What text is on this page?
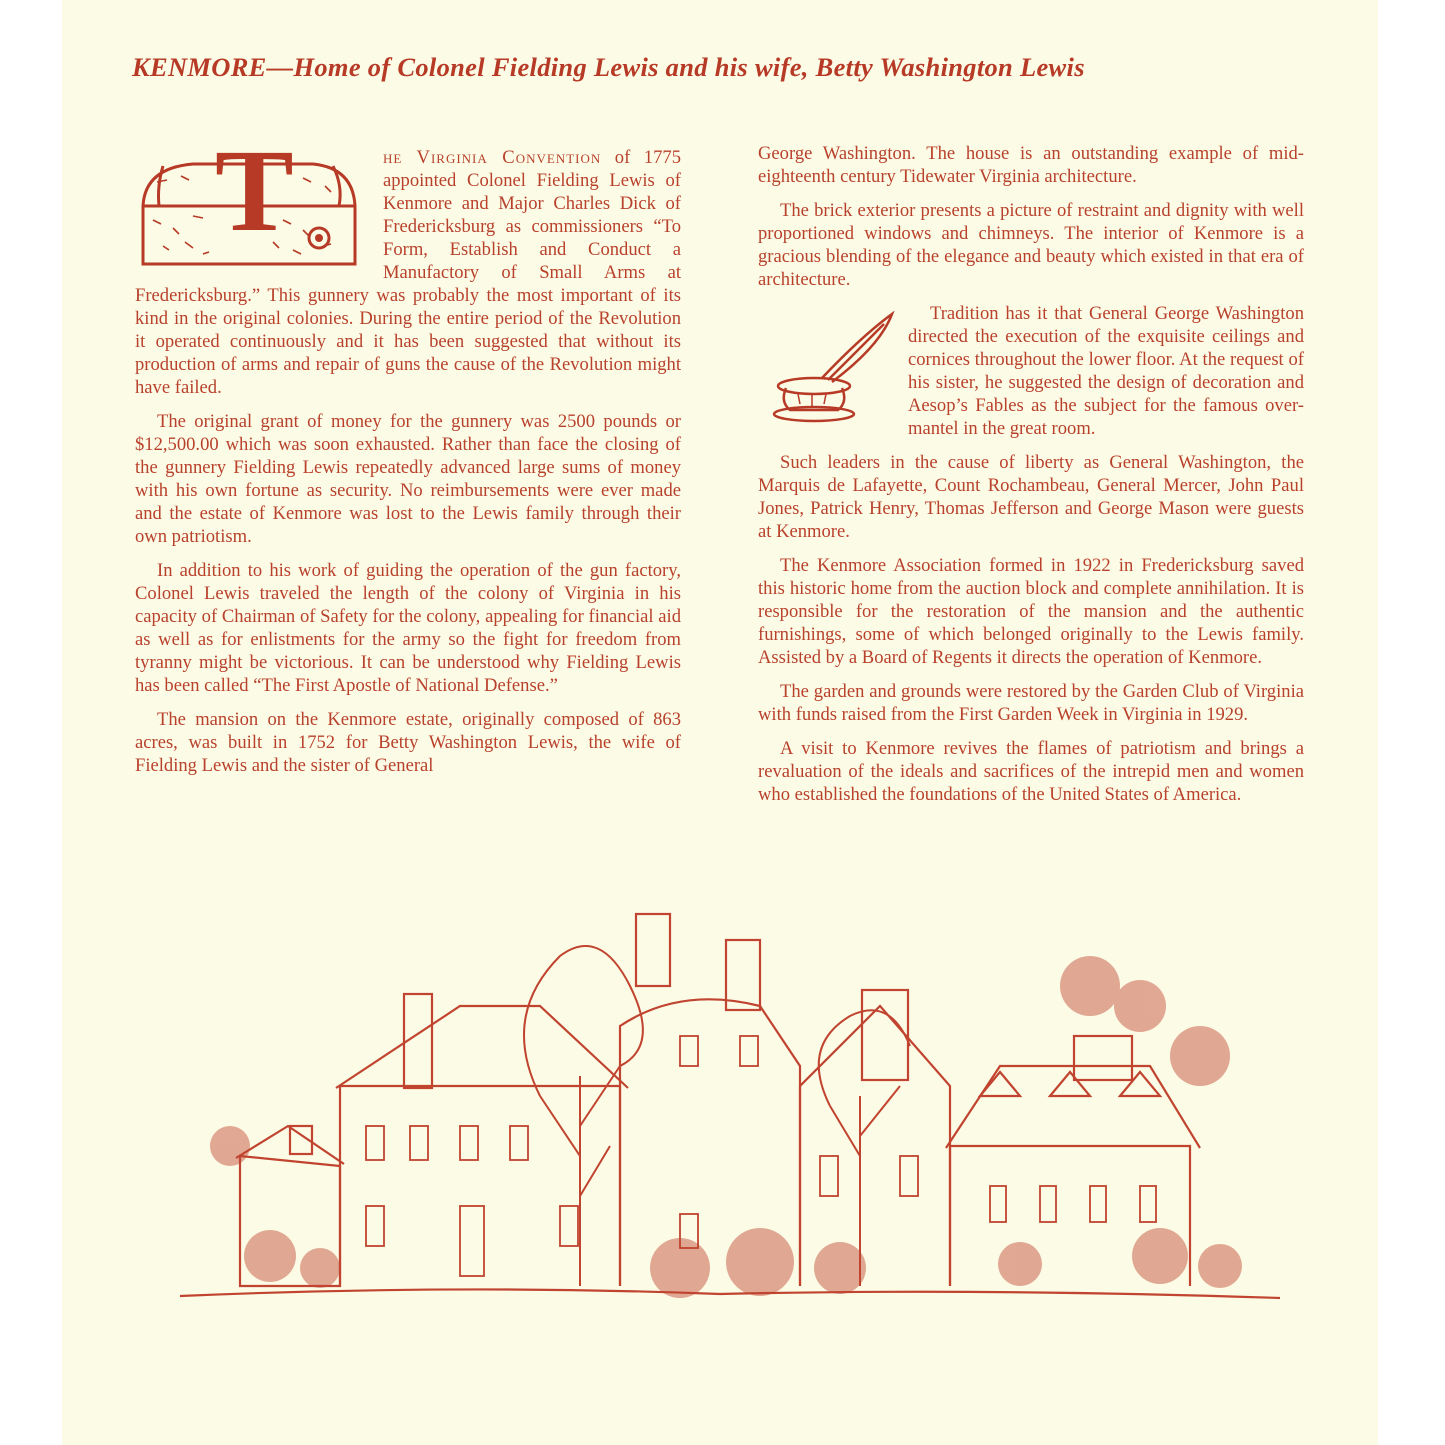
KENMORE—Home of Colonel Fielding Lewis and his wife, Betty Washington Lewis
T	he Virginia Convention of 1775 appointed Colonel Fielding Lewis of Kenmore and Major Charles Dick of Fredericksburg as commissioners “To Form, Establish and Conduct a Manufactory of Small Arms at Fredericksburg.” This gunnery was probably the most important of its kind in the original colonies. During the entire period of the Revolution it operated continuously and it has been suggested that without its production of arms and repair of guns the cause of the Revolution might have failed.

The original grant of money for the gunnery was 2500 pounds or $12,500.00 which was soon exhausted. Rather than face the closing of the gunnery Fielding Lewis repeatedly advanced large sums of money with his own fortune as security. No reimbursements were ever made and the estate of Kenmore was lost to the Lewis family through their own patriotism.

In addition to his work of guiding the operation of the gun factory, Colonel Lewis traveled the length of the colony of Virginia in his capacity of Chairman of Safety for the colony, appealing for financial aid as well as for enlistments for the army so the fight for freedom from tyranny might be victorious. It can be understood why Fielding Lewis has been called “The First Apostle of National Defense.”

The mansion on the Kenmore estate, originally composed of 863 acres, was built in 1752 for Betty Washington Lewis, the wife of Fielding Lewis and the sister of General

George Washington. The house is an outstanding example of mid-eighteenth century Tidewater Virginia architecture.

The brick exterior presents a picture of restraint and dignity with well proportioned windows and chimneys. The interior of Kenmore is a gracious blending of the elegance and beauty which existed in that era of architecture.

Tradition has it that General George Washington directed the execution of the exquisite ceilings and cornices throughout the lower floor. At the request of his sister, he suggested the design of decoration and Aesop’s Fables as the subject for the famous over-mantel in the great room.

Such leaders in the cause of liberty as General Washington, the Marquis de Lafayette, Count Rochambeau, General Mercer, John Paul Jones, Patrick Henry, Thomas Jefferson and George Mason were guests at Kenmore.

The Kenmore Association formed in 1922 in Fredericksburg saved this historic home from the auction block and complete annihilation. It is responsible for the restoration of the mansion and the authentic furnishings, some of which belonged originally to the Lewis family. Assisted by a Board of Regents it directs the operation of Kenmore.

The garden and grounds were restored by the Garden Club of Virginia with funds raised from the First Garden Week in Virginia in 1929.

A visit to Kenmore revives the flames of patriotism and brings a revaluation of the ideals and sacrifices of the intrepid men and women who established the foundations of the United States of America.
